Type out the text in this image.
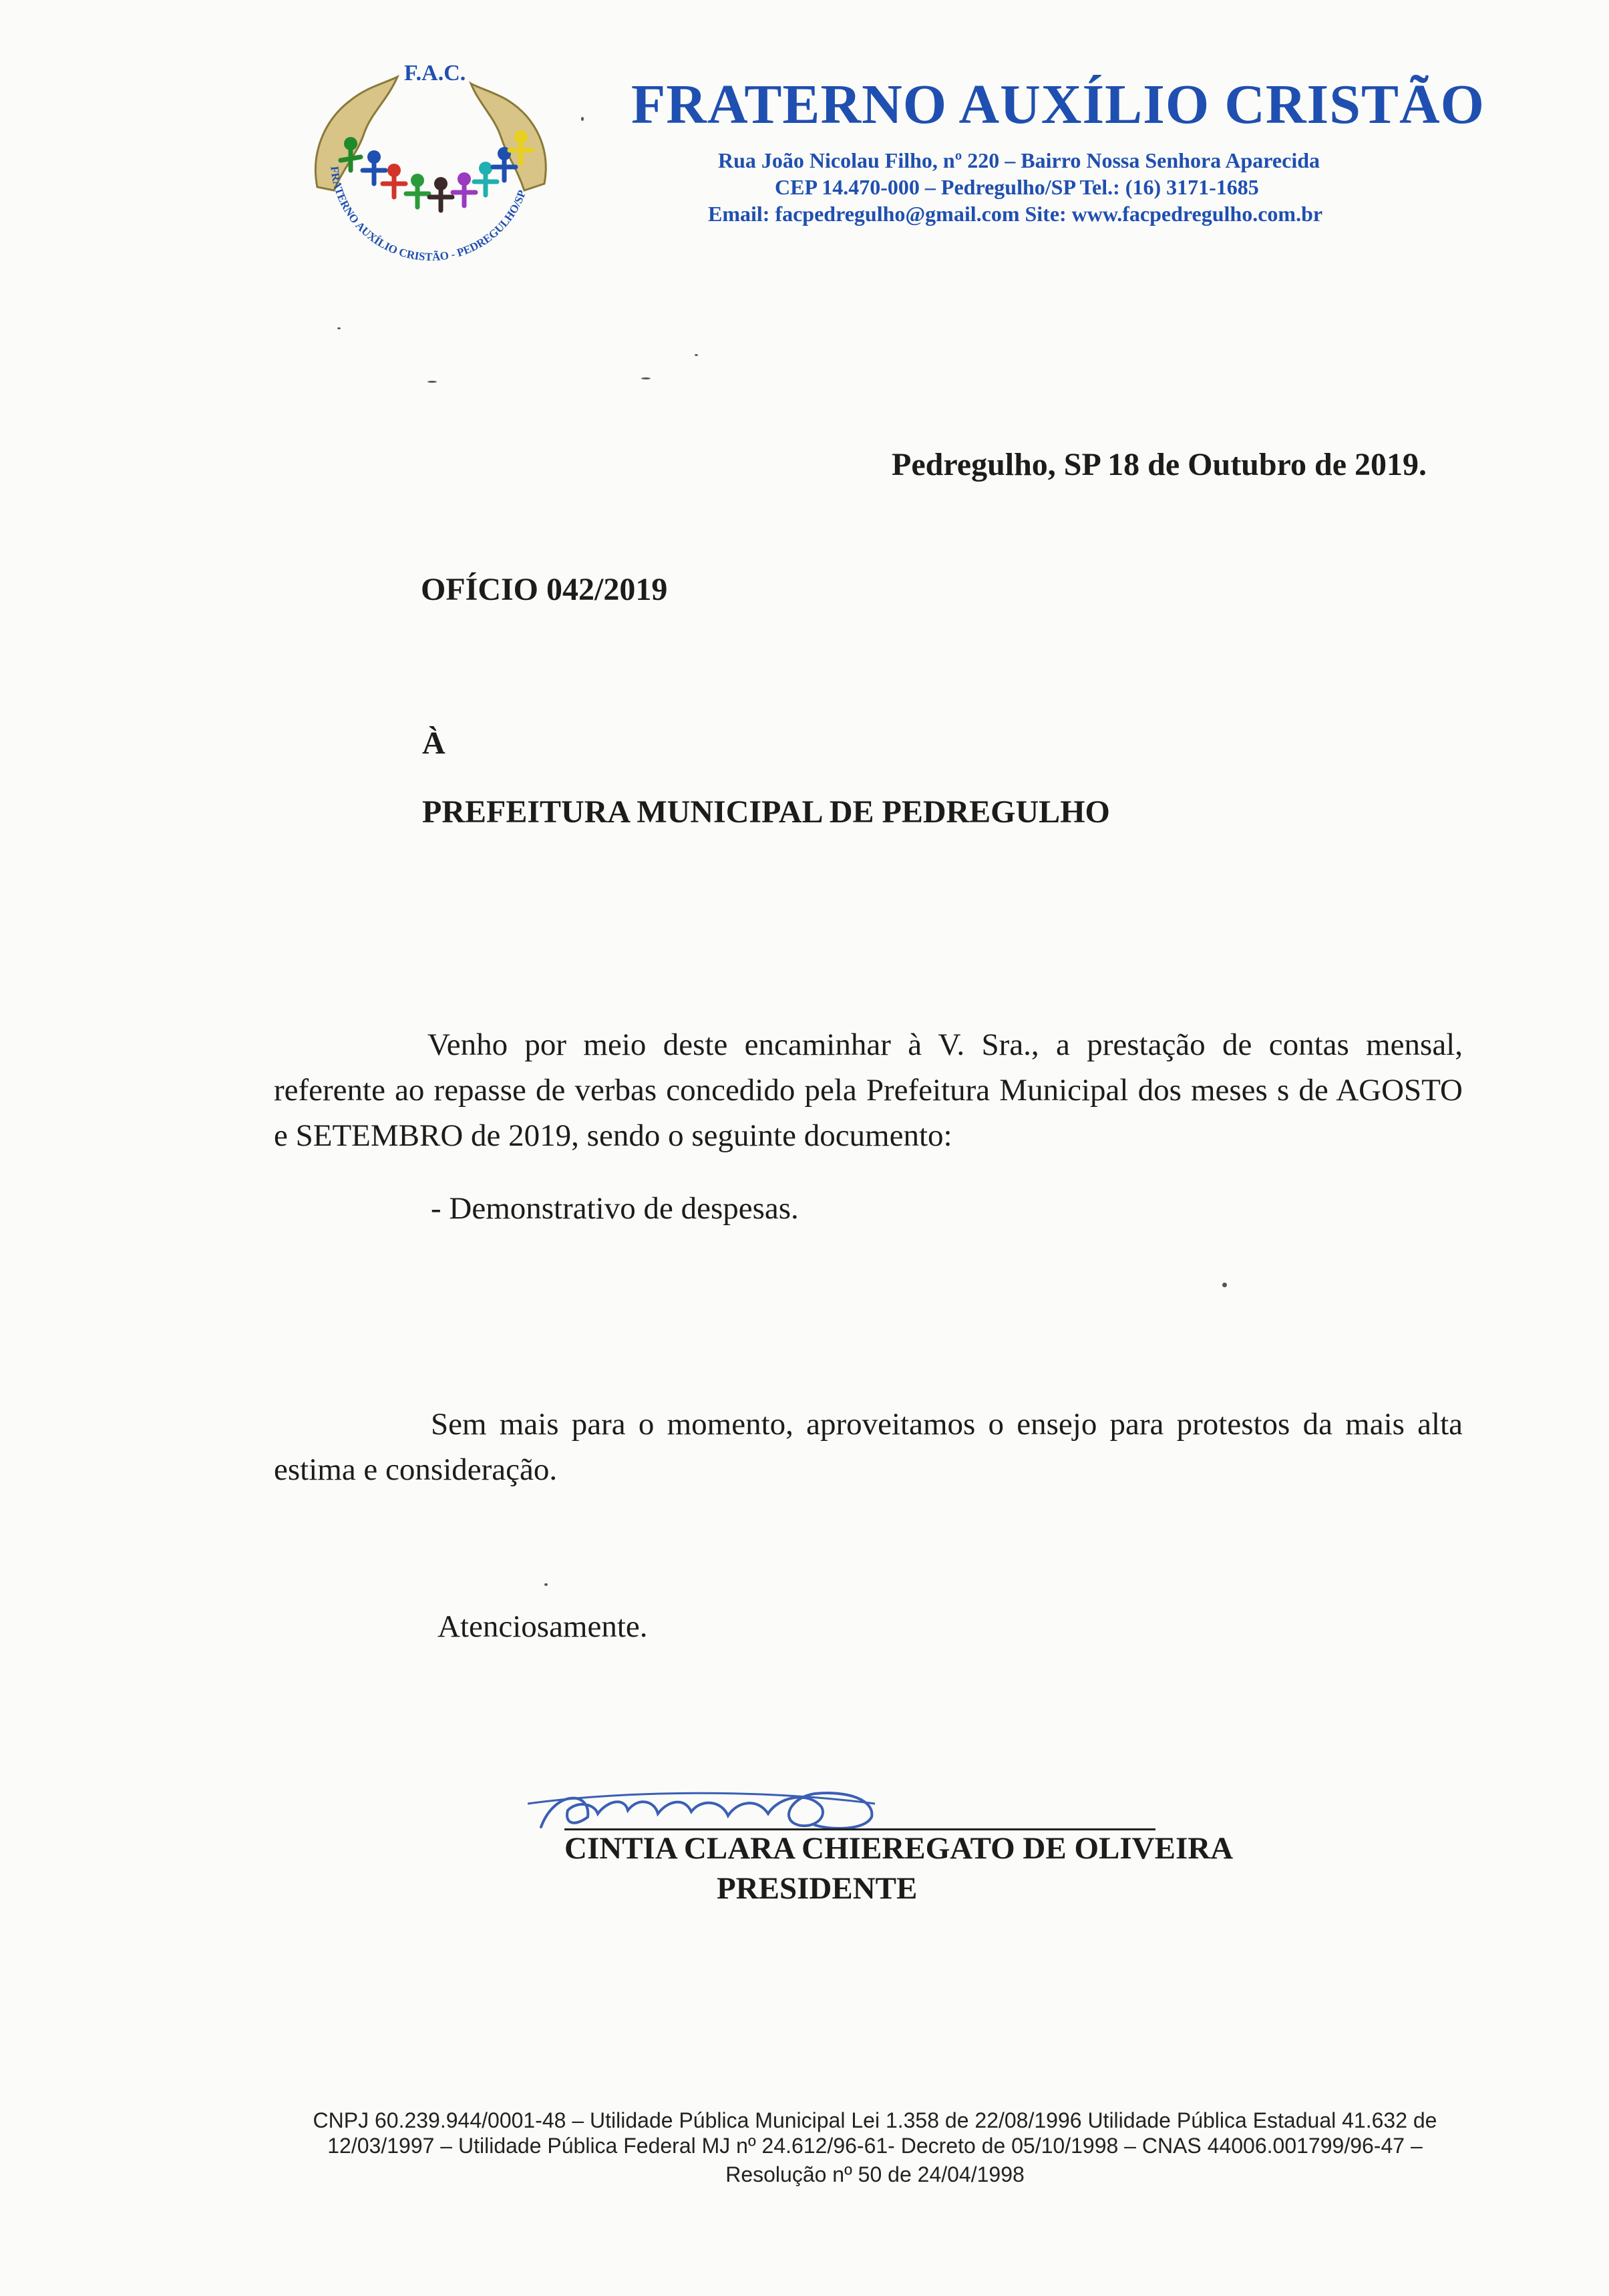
F.A.C.
FRATERNO AUXÍLIO CRISTÃO - PEDREGULHO/SP
FRATERNO AUXÍLIO CRISTÃO
Rua João Nicolau Filho, nº 220 – Bairro Nossa Senhora Aparecida
CEP 14.470-000 – Pedregulho/SP Tel.: (16) 3171-1685
Email: facpedregulho@gmail.com Site: www.facpedregulho.com.br
Pedregulho, SP 18 de Outubro de 2019.
OFÍCIO 042/2019
À
PREFEITURA MUNICIPAL DE PEDREGULHO
Venho por meio deste encaminhar à V. Sra., a prestação de contas mensal, referente ao repasse de verbas concedido pela Prefeitura Municipal dos meses s de AGOSTO e SETEMBRO de 2019, sendo o seguinte documento:
- Demonstrativo de despesas.
Sem mais para o momento, aproveitamos o ensejo para protestos da mais alta estima e consideração.
Atenciosamente.
CINTIA CLARA CHIEREGATO DE OLIVEIRA
PRESIDENTE
CNPJ 60.239.944/0001-48 – Utilidade Pública Municipal Lei 1.358 de 22/08/1996 Utilidade Pública Estadual 41.632 de
12/03/1997 – Utilidade Pública Federal MJ nº 24.612/96-61- Decreto de 05/10/1998 – CNAS 44006.001799/96-47 –
Resolução nº 50 de 24/04/1998
